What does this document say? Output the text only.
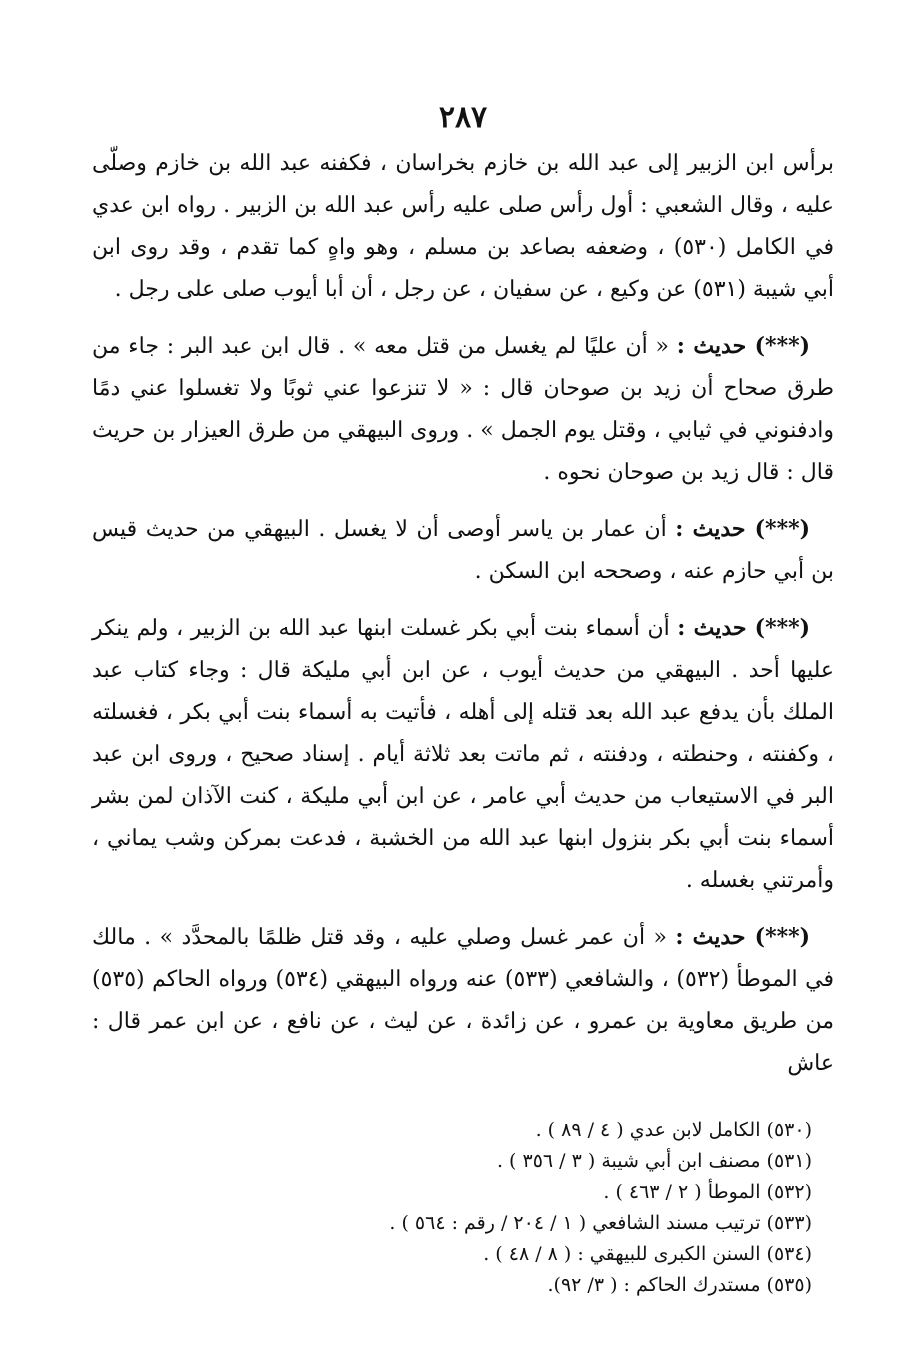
٢٨٧
برأس ابن الزبير إلى عبد الله بن خازم بخراسان ، فكفنه عبد الله بن خازم وصلّى عليه ، وقال الشعبي : أول رأس صلى عليه رأس عبد الله بن الزبير . رواه ابن عدي في الكامل (٥٣٠) ، وضعفه بصاعد بن مسلم ، وهو واهٍ كما تقدم ، وقد روى ابن أبي شيبة (٥٣١) عن وكيع ، عن سفيان ، عن رجل ، أن أبا أيوب صلى على رجل .
(***) حديث : « أن عليًا لم يغسل من قتل معه » . قال ابن عبد البر : جاء من طرق صحاح أن زيد بن صوحان قال : « لا تنزعوا عني ثوبًا ولا تغسلوا عني دمًا وادفنوني في ثيابي ، وقتل يوم الجمل » . وروى البيهقي من طرق العيزار بن حريث قال : قال زيد بن صوحان نحوه .
(***) حديث : أن عمار بن ياسر أوصى أن لا يغسل . البيهقي من حديث قيس بن أبي حازم عنه ، وصححه ابن السكن .
(***) حديث : أن أسماء بنت أبي بكر غسلت ابنها عبد الله بن الزبير ، ولم ينكر عليها أحد . البيهقي من حديث أيوب ، عن ابن أبي مليكة قال : وجاء كتاب عبد الملك بأن يدفع عبد الله بعد قتله إلى أهله ، فأتيت به أسماء بنت أبي بكر ، فغسلته ، وكفنته ، وحنطته ، ودفنته ، ثم ماتت بعد ثلاثة أيام . إسناد صحيح ، وروى ابن عبد البر في الاستيعاب من حديث أبي عامر ، عن ابن أبي مليكة ، كنت الآذان لمن بشر أسماء بنت أبي بكر بنزول ابنها عبد الله من الخشبة ، فدعت بمركن وشب يماني ، وأمرتني بغسله .
(***) حديث : « أن عمر غسل وصلي عليه ، وقد قتل ظلمًا بالمحدَّد » . مالك في الموطأ (٥٣٢) ، والشافعي (٥٣٣) عنه ورواه البيهقي (٥٣٤) ورواه الحاكم (٥٣٥) من طريق معاوية بن عمرو ، عن زائدة ، عن ليث ، عن نافع ، عن ابن عمر قال : عاش
(٥٣٠) الكامل لابن عدي ( ٤ / ٨٩ ) .
(٥٣١) مصنف ابن أبي شيبة ( ٣ / ٣٥٦ ) .
(٥٣٢) الموطأ ( ٢ / ٤٦٣ ) .
(٥٣٣) ترتيب مسند الشافعي ( ١ / ٢٠٤ / رقم : ٥٦٤ ) .
(٥٣٤) السنن الكبرى للبيهقي : ( ٨ / ٤٨ ) .
(٥٣٥) مستدرك الحاكم : ( ٣/ ٩٢).
